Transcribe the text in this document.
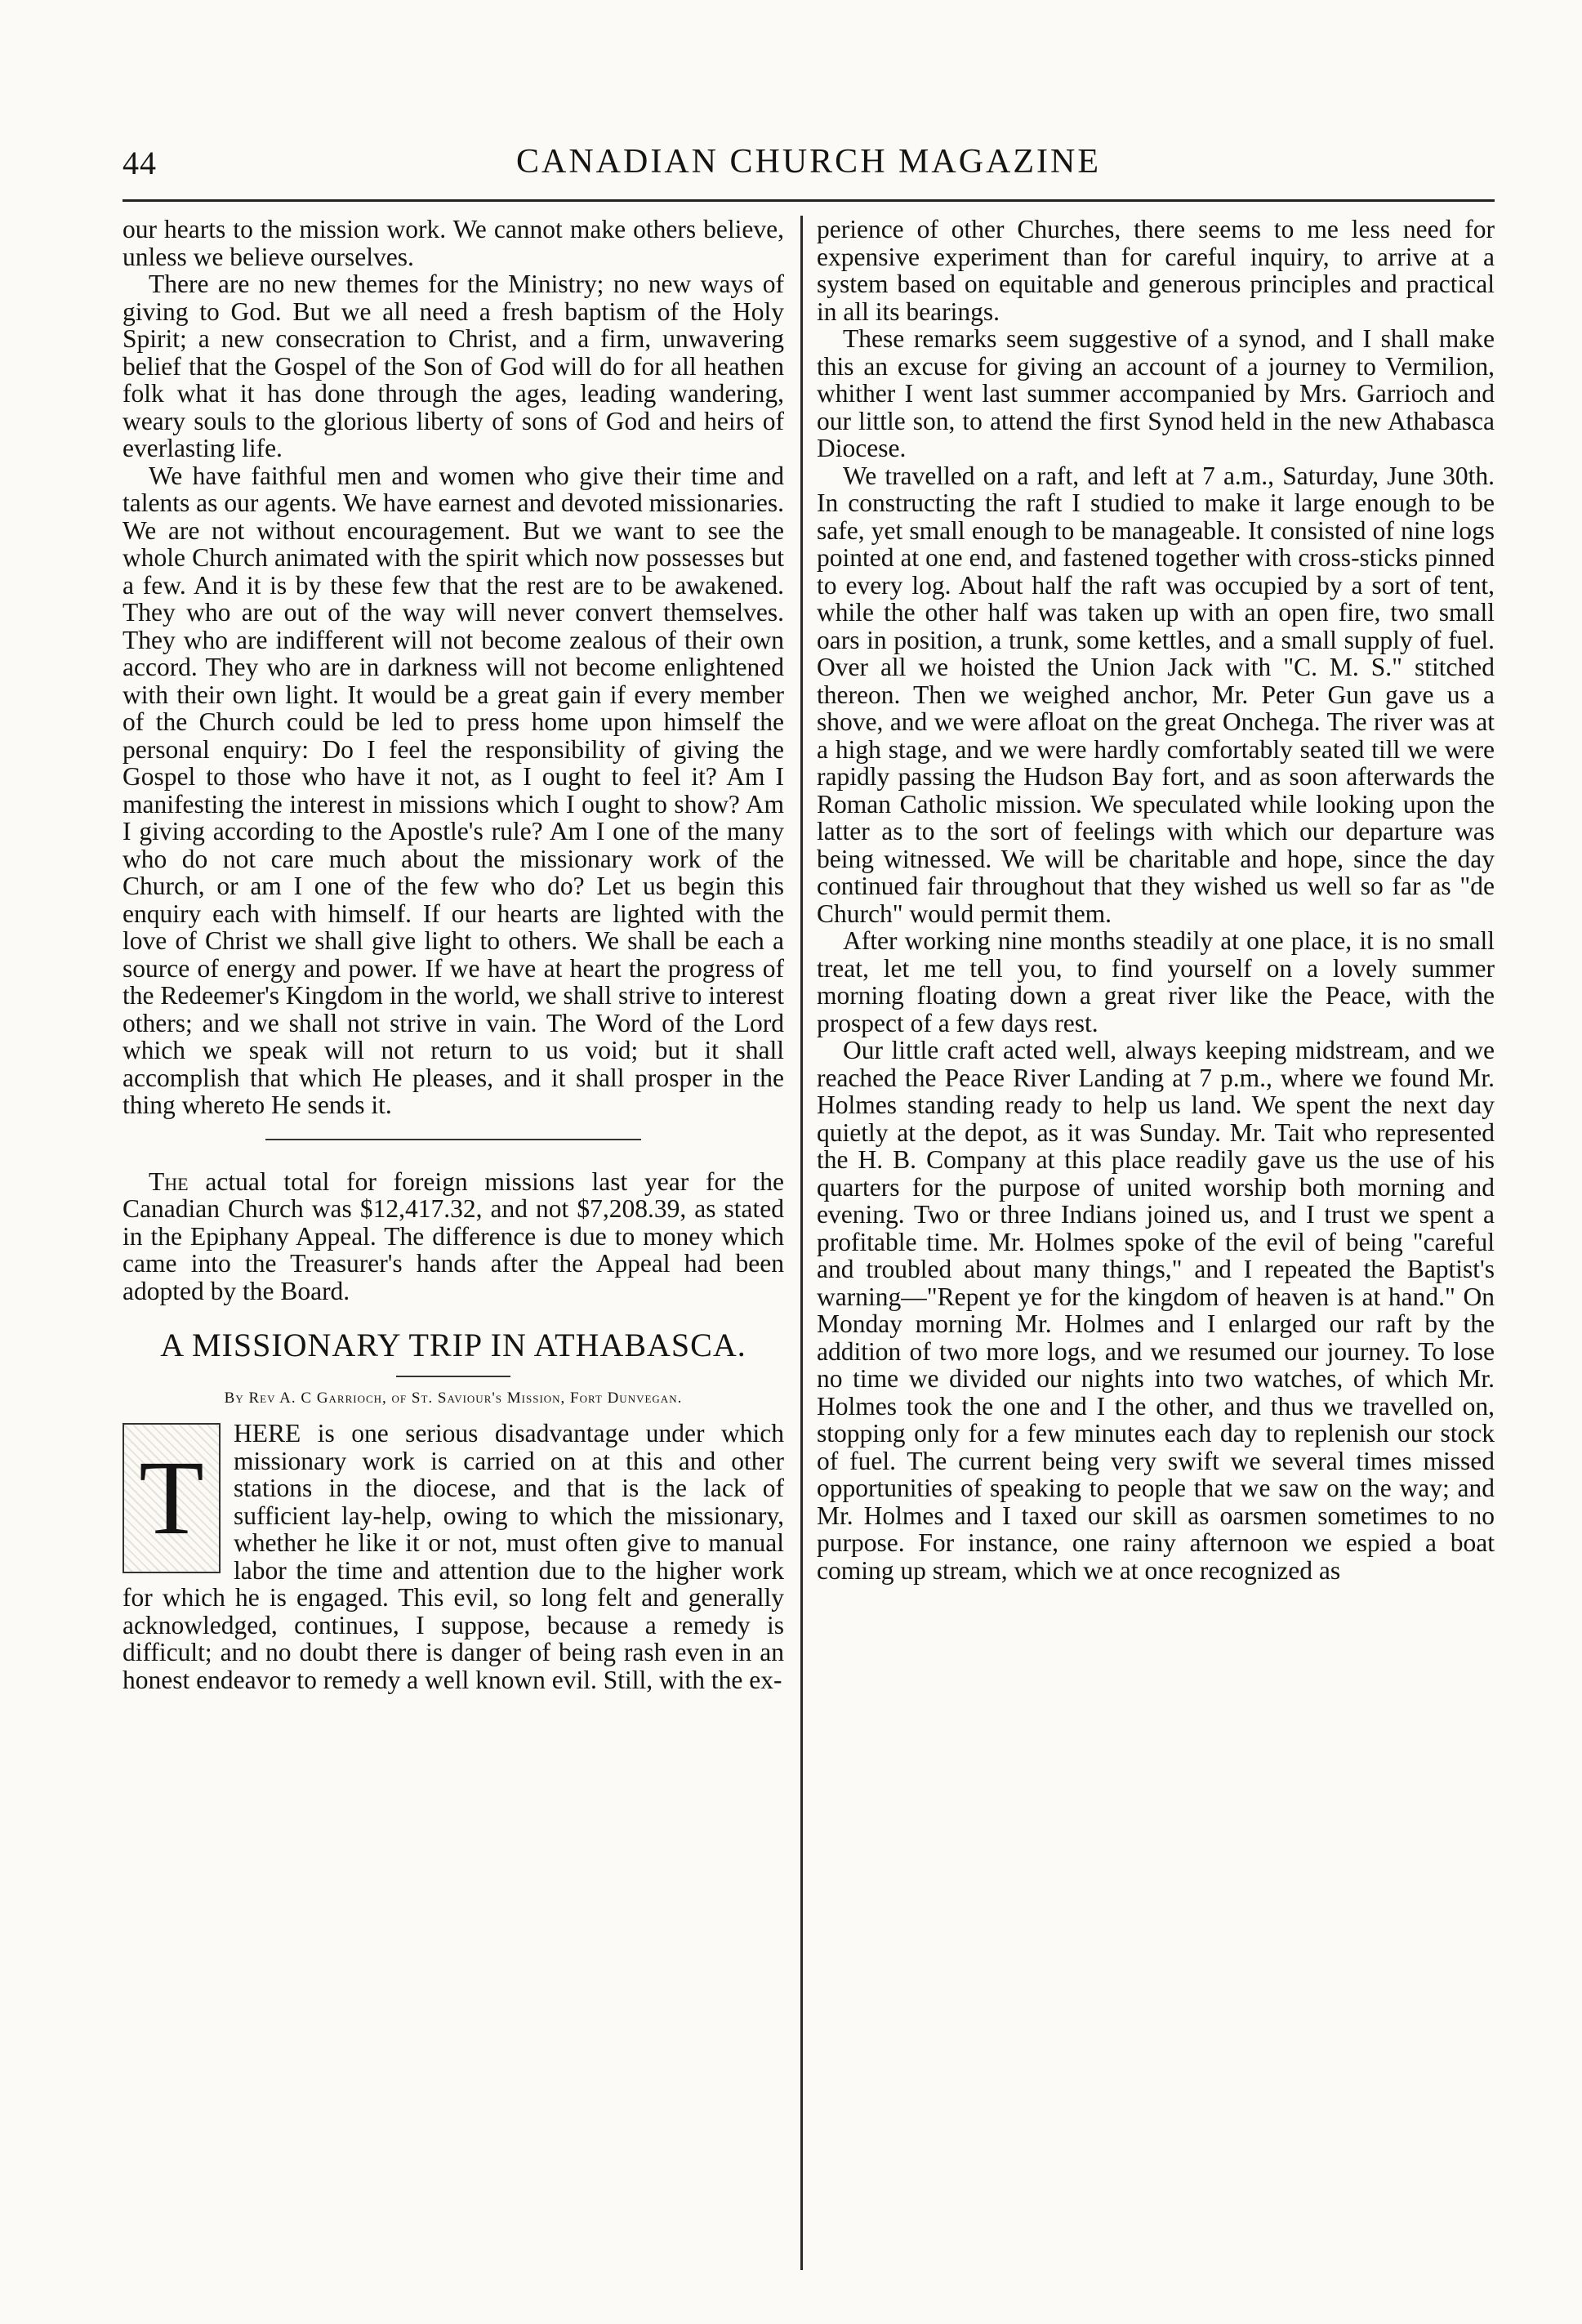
44	CANADIAN CHURCH MAGAZINE

our hearts to the mission work. We cannot make others believe, unless we believe ourselves.

There are no new themes for the Ministry; no new ways of giving to God. But we all need a fresh baptism of the Holy Spirit; a new consecration to Christ, and a firm, unwavering belief that the Gospel of the Son of God will do for all heathen folk what it has done through the ages, leading wandering, weary souls to the glorious liberty of sons of God and heirs of everlasting life.

We have faithful men and women who give their time and talents as our agents. We have earnest and devoted missionaries. We are not without encouragement. But we want to see the whole Church animated with the spirit which now possesses but a few. And it is by these few that the rest are to be awakened. They who are out of the way will never convert themselves. They who are indifferent will not become zealous of their own accord. They who are in darkness will not become enlightened with their own light. It would be a great gain if every member of the Church could be led to press home upon himself the personal enquiry: Do I feel the responsibility of giving the Gospel to those who have it not, as I ought to feel it? Am I manifesting the interest in missions which I ought to show? Am I giving according to the Apostle's rule? Am I one of the many who do not care much about the missionary work of the Church, or am I one of the few who do? Let us begin this enquiry each with himself. If our hearts are lighted with the love of Christ we shall give light to others. We shall be each a source of energy and power. If we have at heart the progress of the Redeemer's Kingdom in the world, we shall strive to interest others; and we shall not strive in vain. The Word of the Lord which we speak will not return to us void; but it shall accomplish that which He pleases, and it shall prosper in the thing whereto He sends it.

The actual total for foreign missions last year for the Canadian Church was $12,417.32, and not $7,208.39, as stated in the Epiphany Appeal. The difference is due to money which came into the Treasurer's hands after the Appeal had been adopted by the Board.

A MISSIONARY TRIP IN ATHABASCA.
By Rev A. C Garrioch, of St. Saviour's Mission, Fort Dunvegan.
T

HERE is one serious disadvantage under which missionary work is carried on at this and other stations in the diocese, and that is the lack of sufficient lay-help, owing to which the missionary, whether he like it or not, must often give to manual labor the time and attention due to the higher work for which he is engaged. This evil, so long felt and generally acknowledged, continues, I suppose, because a remedy is difficult; and no doubt there is danger of being rash even in an honest endeavor to remedy a well known evil. Still, with the ex-

perience of other Churches, there seems to me less need for expensive experiment than for careful inquiry, to arrive at a system based on equitable and generous principles and practical in all its bearings.

These remarks seem suggestive of a synod, and I shall make this an excuse for giving an account of a journey to Vermilion, whither I went last summer accompanied by Mrs. Garrioch and our little son, to attend the first Synod held in the new Athabasca Diocese.

We travelled on a raft, and left at 7 a.m., Saturday, June 30th. In constructing the raft I studied to make it large enough to be safe, yet small enough to be manageable. It consisted of nine logs pointed at one end, and fastened together with cross-sticks pinned to every log. About half the raft was occupied by a sort of tent, while the other half was taken up with an open fire, two small oars in position, a trunk, some kettles, and a small supply of fuel. Over all we hoisted the Union Jack with "C. M. S." stitched thereon. Then we weighed anchor, Mr. Peter Gun gave us a shove, and we were afloat on the great Onchega. The river was at a high stage, and we were hardly comfortably seated till we were rapidly passing the Hudson Bay fort, and as soon afterwards the Roman Catholic mission. We speculated while looking upon the latter as to the sort of feelings with which our departure was being witnessed. We will be charitable and hope, since the day continued fair throughout that they wished us well so far as "de Church" would permit them.

After working nine months steadily at one place, it is no small treat, let me tell you, to find yourself on a lovely summer morning floating down a great river like the Peace, with the prospect of a few days rest.

Our little craft acted well, always keeping midstream, and we reached the Peace River Landing at 7 p.m., where we found Mr. Holmes standing ready to help us land. We spent the next day quietly at the depot, as it was Sunday. Mr. Tait who represented the H. B. Company at this place readily gave us the use of his quarters for the purpose of united worship both morning and evening. Two or three Indians joined us, and I trust we spent a profitable time. Mr. Holmes spoke of the evil of being "careful and troubled about many things," and I repeated the Baptist's warning—"Repent ye for the kingdom of heaven is at hand." On Monday morning Mr. Holmes and I enlarged our raft by the addition of two more logs, and we resumed our journey. To lose no time we divided our nights into two watches, of which Mr. Holmes took the one and I the other, and thus we travelled on, stopping only for a few minutes each day to replenish our stock of fuel. The current being very swift we several times missed opportunities of speaking to people that we saw on the way; and Mr. Holmes and I taxed our skill as oarsmen sometimes to no purpose. For instance, one rainy afternoon we espied a boat coming up stream, which we at once recognized as
